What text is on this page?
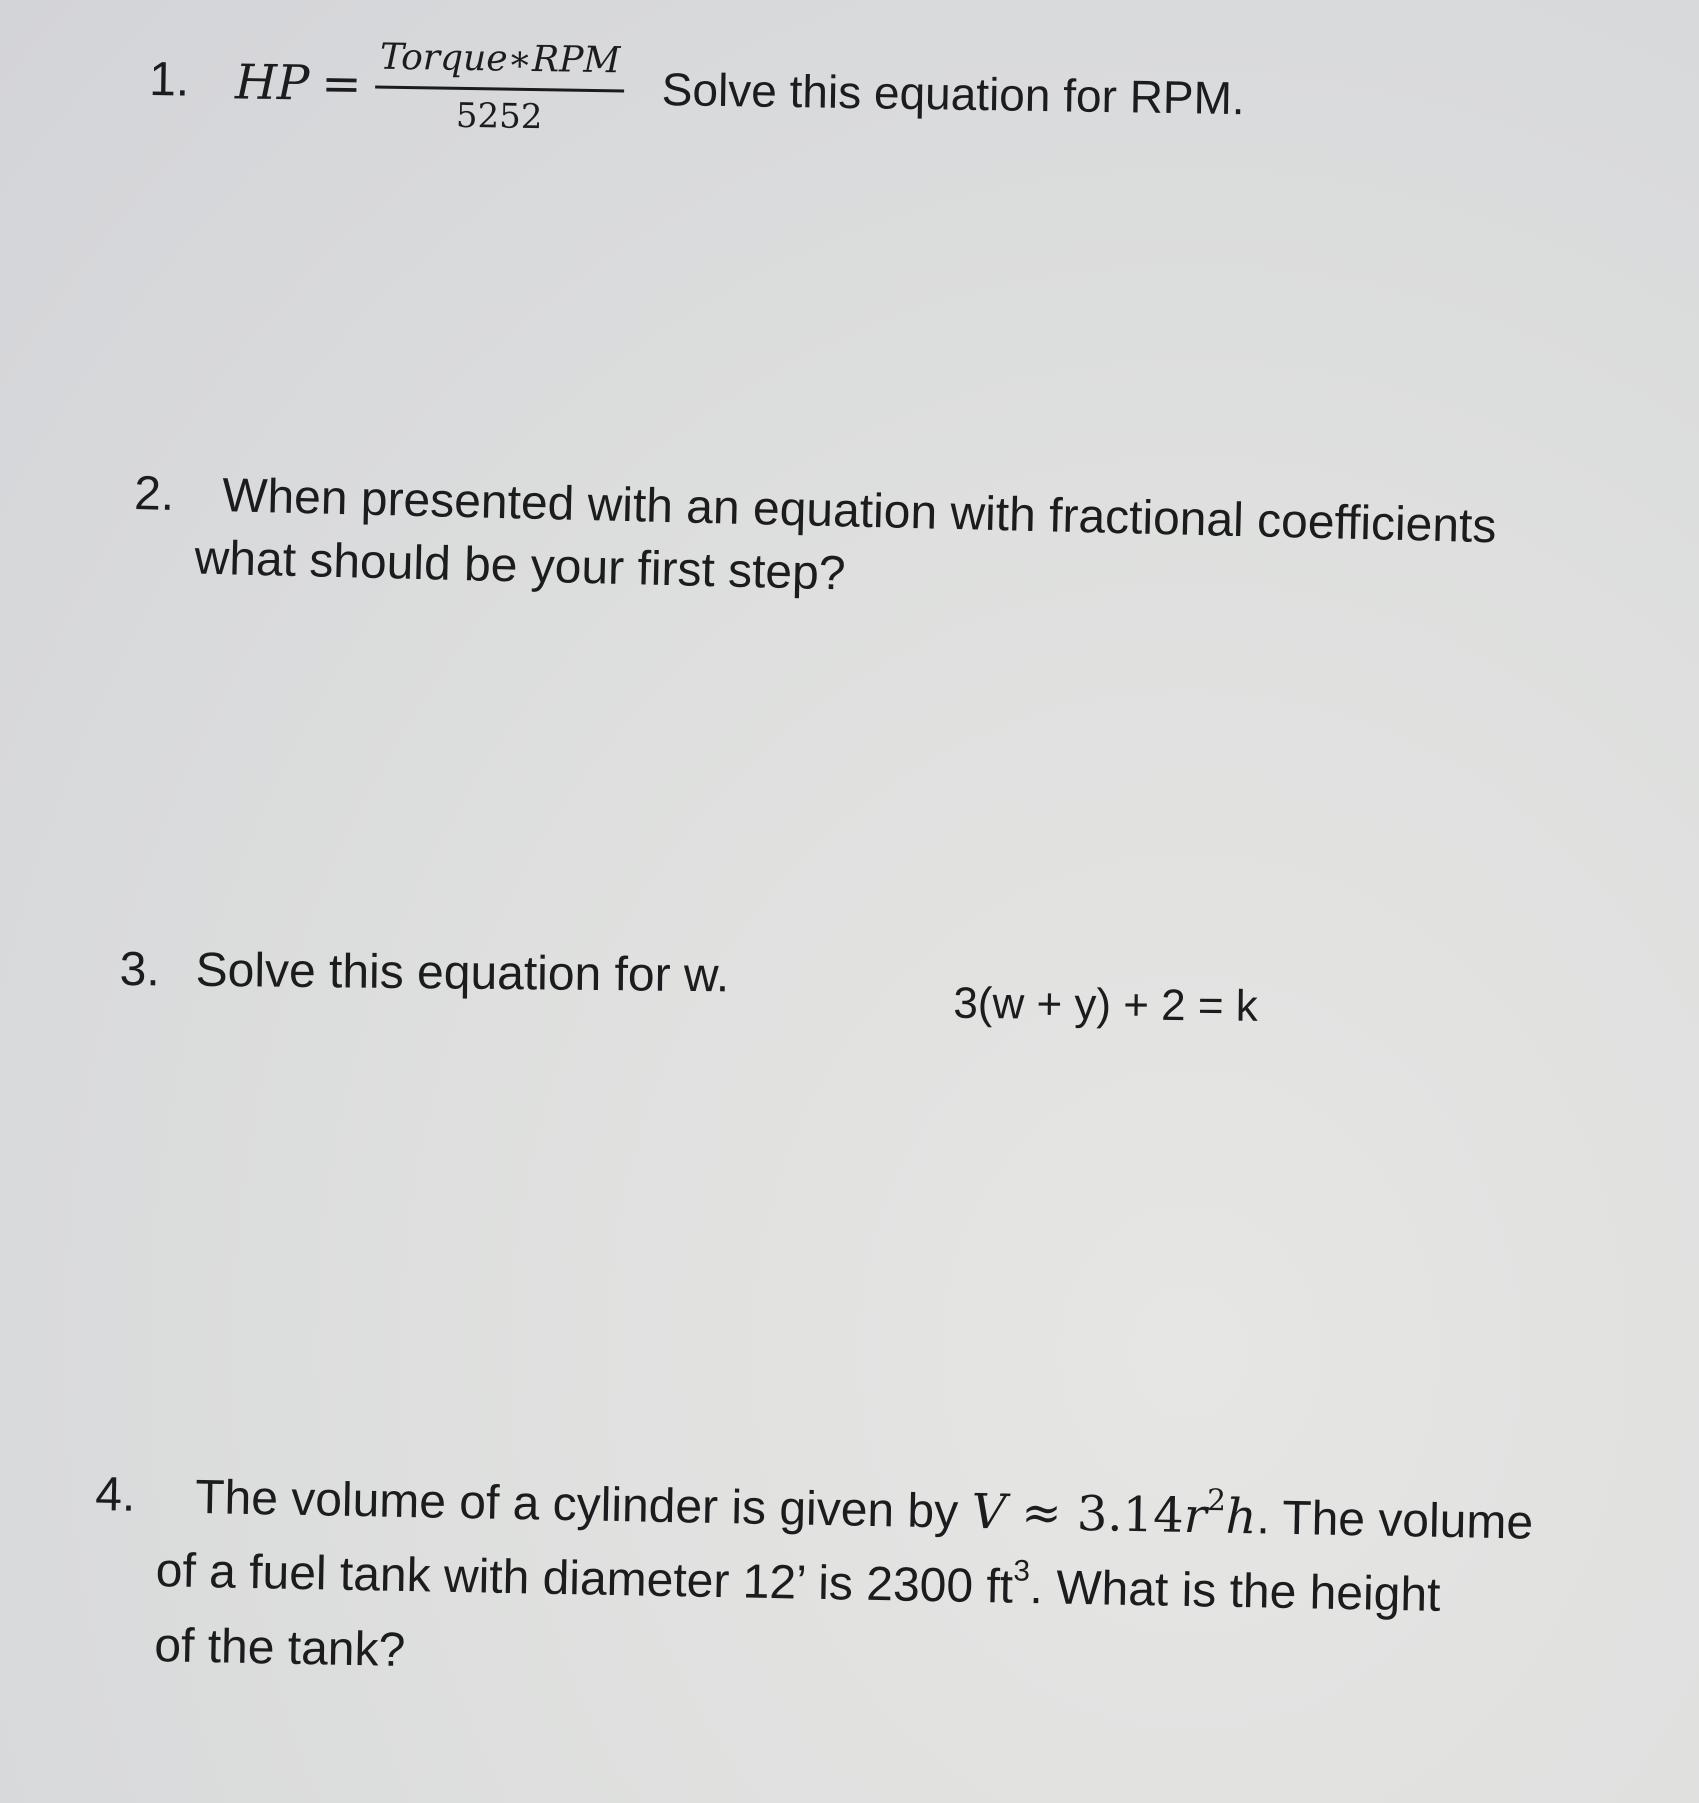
1. HP = $\frac{\text{Torque∗RPM}}{5252}$ Solve this equation for RPM.
2. When presented with an equation with fractional coefficients
what should be your first step?
3. Solve this equation for w.
3(w + y) + 2 = k
4.	The volume of a cylinder is given by $V \approx 3.14r^2h$. The volume
of a fuel tank with diameter 12’ is 2300 $ft^3$. What is the height
of the tank?
